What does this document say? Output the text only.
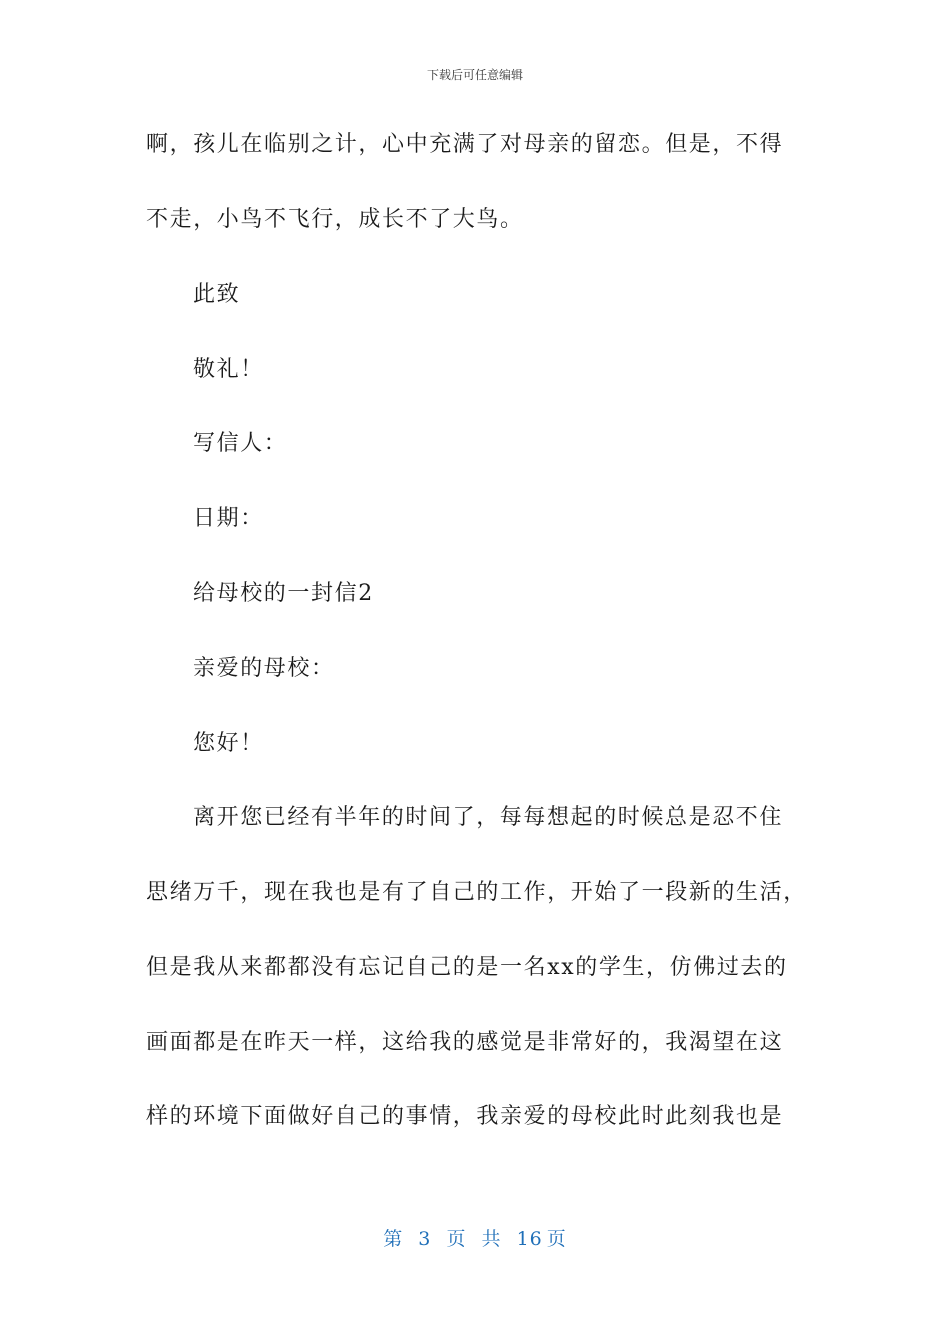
下载后可任意编辑
啊，孩儿在临别之计，心中充满了对母亲的留恋。但是，不得
不走，小鸟不飞行，成长不了大鸟。
此致
敬礼！
写信人：
日期：
给母校的一封信2
亲爱的母校：
您好！
离开您已经有半年的时间了，每每想起的时候总是忍不住
思绪万千，现在我也是有了自己的工作，开始了一段新的生活，
但是我从来都都没有忘记自己的是一名xx的学生，仿佛过去的
画面都是在昨天一样，这给我的感觉是非常好的，我渴望在这
样的环境下面做好自己的事情，我亲爱的母校此时此刻我也是
第 3 页 共 16 页
